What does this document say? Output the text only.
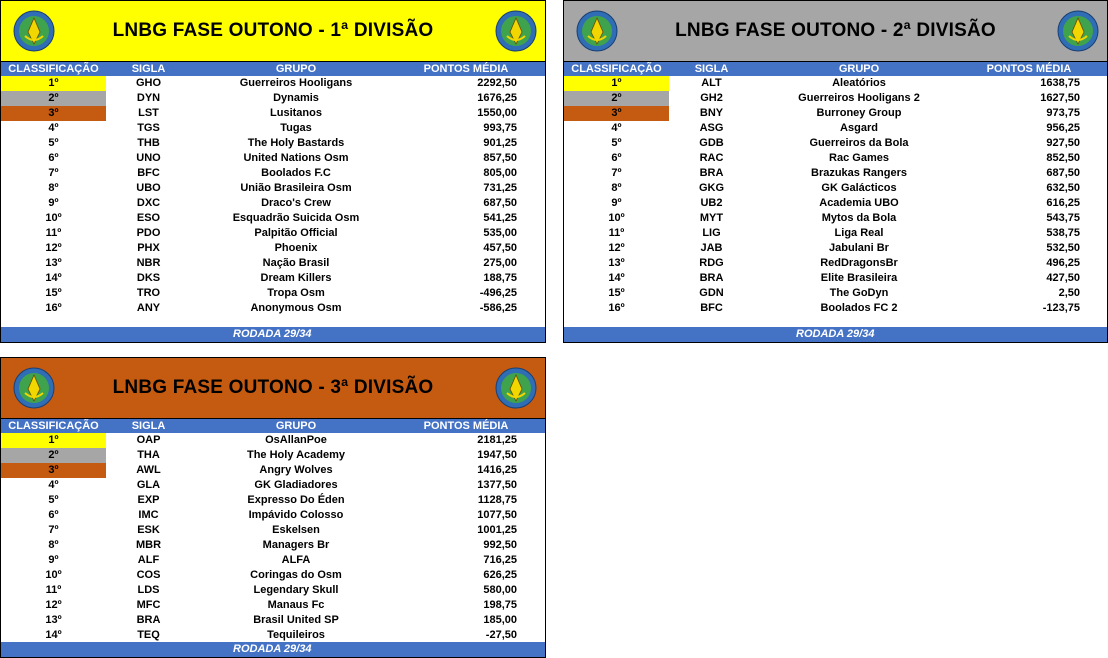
LNBG FASE OUTONO - 1ª DIVISÃO
CLASSIFICAÇÃO	SIGLA	GRUPO	PONTOS MÉDIA
1º	GHO	Guerreiros Hooligans	2292,50
2º	DYN	Dynamis	1676,25
3º	LST	Lusitanos	1550,00
4º	TGS	Tugas	993,75
5º	THB	The Holy Bastards	901,25
6º	UNO	United Nations Osm	857,50
7º	BFC	Boolados F.C	805,00
8º	UBO	União Brasileira Osm	731,25
9º	DXC	Draco's Crew	687,50
10º	ESO	Esquadrão Suicida Osm	541,25
11º	PDO	Palpitão Official	535,00
12º	PHX	Phoenix	457,50
13º	NBR	Nação Brasil	275,00
14º	DKS	Dream Killers	188,75
15º	TRO	Tropa Osm	-496,25
16º	ANY	Anonymous Osm	-586,25
RODADA 29/34
LNBG FASE OUTONO - 2ª DIVISÃO
CLASSIFICAÇÃO	SIGLA	GRUPO	PONTOS MÉDIA
1º	ALT	Aleatórios	1638,75
2º	GH2	Guerreiros Hooligans 2	1627,50
3º	BNY	Burroney Group	973,75
4º	ASG	Asgard	956,25
5º	GDB	Guerreiros da Bola	927,50
6º	RAC	Rac Games	852,50
7º	BRA	Brazukas Rangers	687,50
8º	GKG	GK Galácticos	632,50
9º	UB2	Academia UBO	616,25
10º	MYT	Mytos da Bola	543,75
11º	LIG	Liga Real	538,75
12º	JAB	Jabulani Br	532,50
13º	RDG	RedDragonsBr	496,25
14º	BRA	Elite Brasileira	427,50
15º	GDN	The GoDyn	2,50
16º	BFC	Boolados FC 2	-123,75
RODADA 29/34
LNBG FASE OUTONO - 3ª DIVISÃO
CLASSIFICAÇÃO	SIGLA	GRUPO	PONTOS MÉDIA
1º	OAP	OsAllanPoe	2181,25
2º	THA	The Holy Academy	1947,50
3º	AWL	Angry Wolves	1416,25
4º	GLA	GK Gladiadores	1377,50
5º	EXP	Expresso Do Éden	1128,75
6º	IMC	Impávido Colosso	1077,50
7º	ESK	Eskelsen	1001,25
8º	MBR	Managers Br	992,50
9º	ALF	ALFA	716,25
10º	COS	Coringas do Osm	626,25
11º	LDS	Legendary Skull	580,00
12º	MFC	Manaus Fc	198,75
13º	BRA	Brasil United SP	185,00
14º	TEQ	Tequileiros	-27,50
RODADA 29/34
